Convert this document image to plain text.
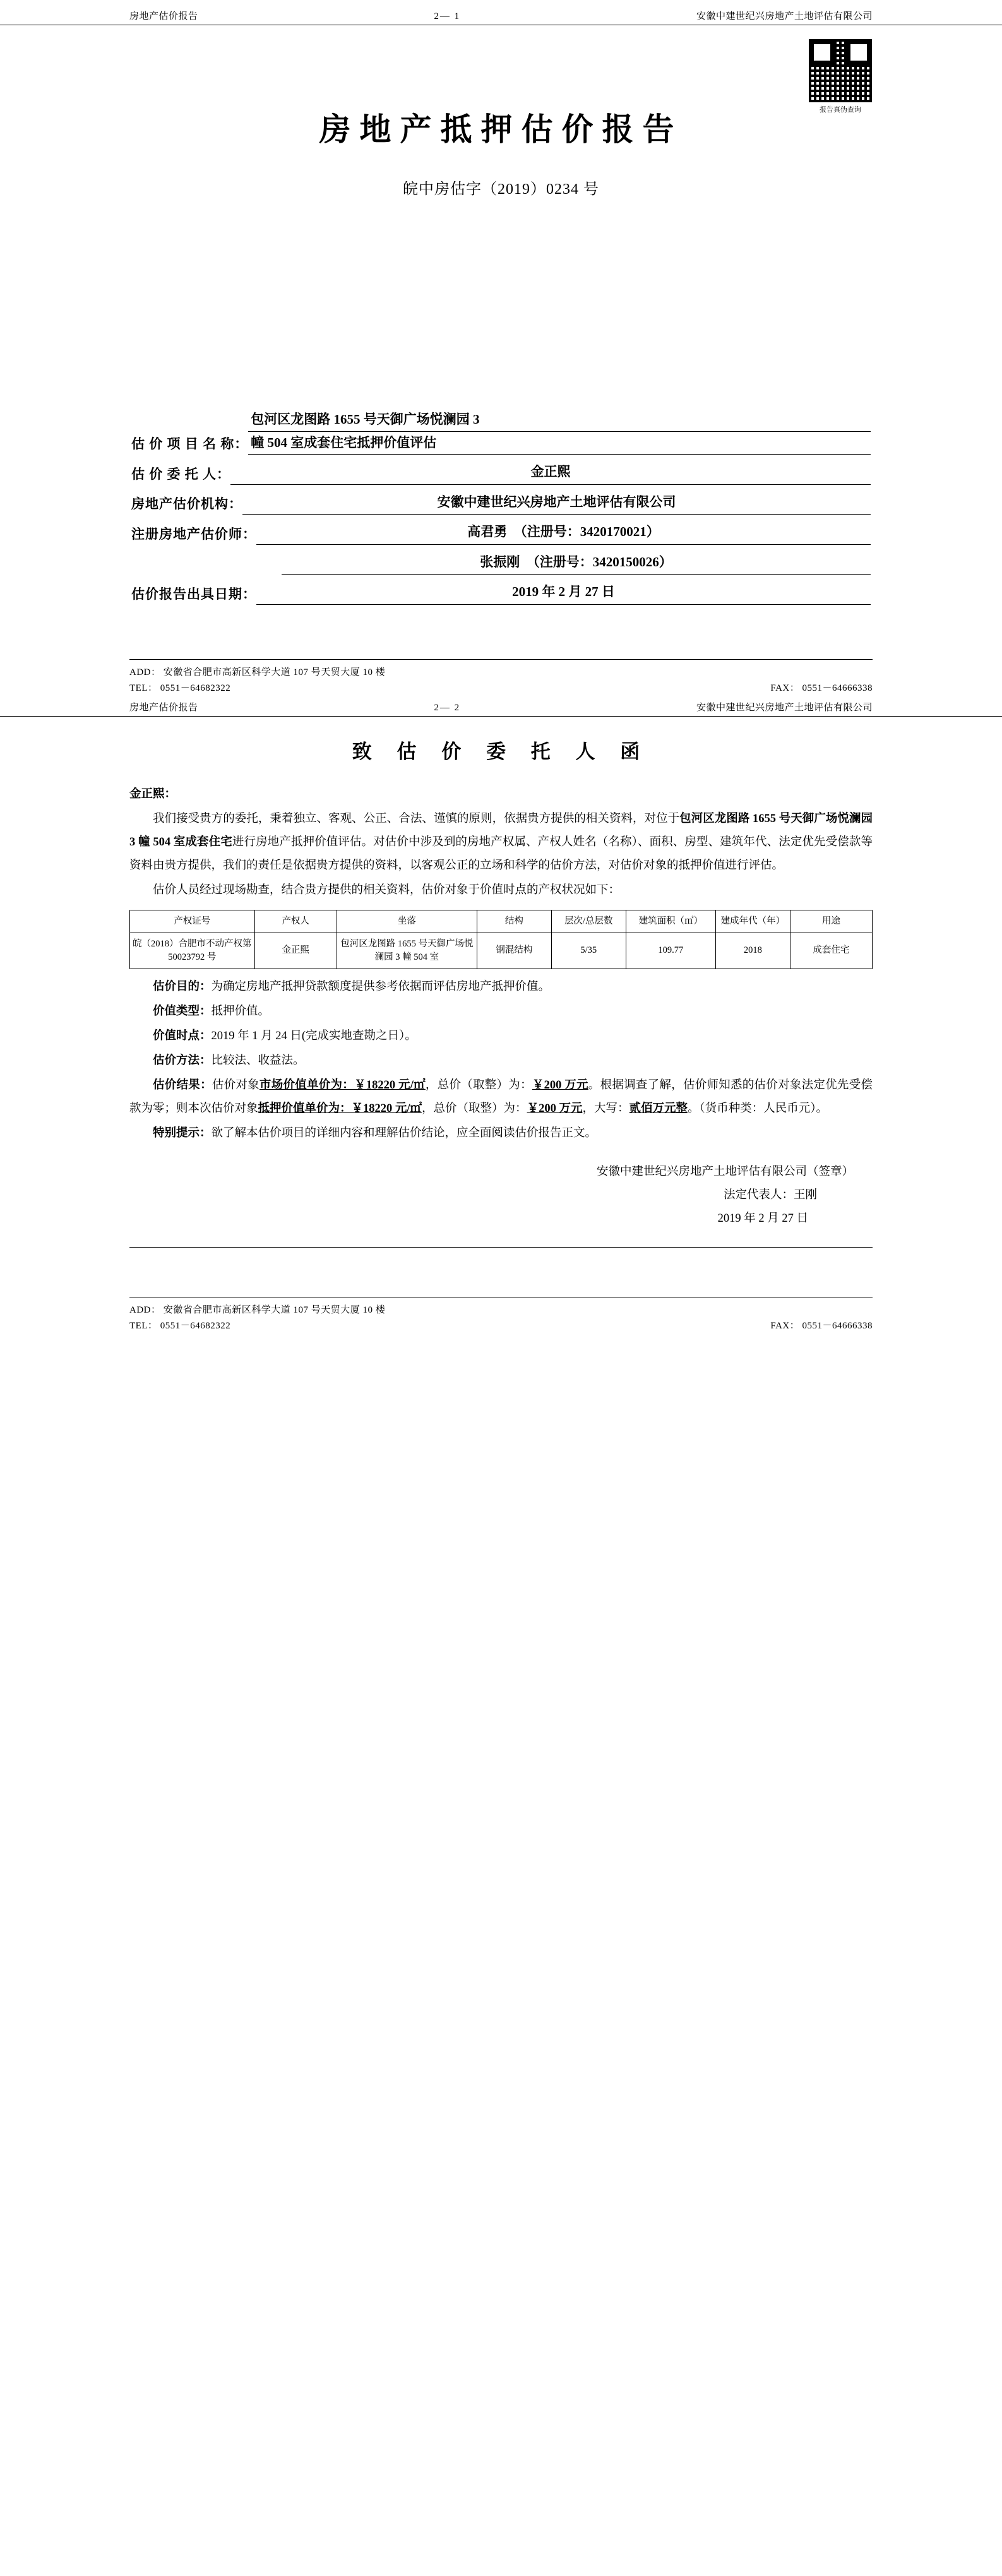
房地产估价报告	2— 1	安徽中建世纪兴房地产土地评估有限公司
报告真伪查询
房地产抵押估价报告
皖中房估字（2019）0234 号
估 价 项 目 名 称：
包河区龙图路 1655 号天御广场悦澜园 3
幢 504 室成套住宅抵押价值评估
估 价 委 托 人：	金正熙
房地产估价机构：	安徽中建世纪兴房地产土地评估有限公司
注册房地产估价师：	高君勇　（注册号：3420170021）
张振刚　（注册号：3420150026）
估价报告出具日期：	2019 年 2 月 27 日
ADD： 安徽省合肥市高新区科学大道 107 号天贸大厦 10 楼
TEL： 0551－64682322	FAX： 0551－64666338
房地产估价报告	2— 2	安徽中建世纪兴房地产土地评估有限公司
致 估 价 委 托 人 函
金正熙：

我们接受贵方的委托，秉着独立、客观、公正、合法、谨慎的原则，依据贵方提供的相关资料，对位于包河区龙图路 1655 号天御广场悦澜园 3 幢 504 室成套住宅进行房地产抵押价值评估。对估价中涉及到的房地产权属、产权人姓名（名称）、面积、房型、建筑年代、法定优先受偿款等资料由贵方提供，我们的责任是依据贵方提供的资料，以客观公正的立场和科学的估价方法，对估价对象的抵押价值进行评估。

估价人员经过现场勘查，结合贵方提供的相关资料，估价对象于价值时点的产权状况如下：

产权证号	产权人	坐落	结构	层次/总层数	建筑面积（㎡）	建成年代（年）	用途
皖（2018）合肥市不动产权第 50023792 号	金正熙	包河区龙图路 1655 号天御广场悦澜园 3 幢 504 室	钢混结构	5/35	109.77	2018	成套住宅
估价目的：为确定房地产抵押贷款额度提供参考依据而评估房地产抵押价值。
价值类型：抵押价值。
价值时点：2019 年 1 月 24 日(完成实地查勘之日）。
估价方法：比较法、收益法。

估价结果：估价对象市场价值单价为：￥18220 元/㎡，总价（取整）为：￥200 万元。根据调查了解，估价师知悉的估价对象法定优先受偿款为零；则本次估价对象抵押价值单价为：￥18220 元/㎡，总价（取整）为：￥200 万元，大写：贰佰万元整。（货币种类：人民币元）。

特别提示：欲了解本估价项目的详细内容和理解估价结论，应全面阅读估价报告正文。

安徽中建世纪兴房地产土地评估有限公司（签章）
法定代表人：王刚
2019 年 2 月 27 日
ADD： 安徽省合肥市高新区科学大道 107 号天贸大厦 10 楼
TEL： 0551－64682322	FAX： 0551－64666338
